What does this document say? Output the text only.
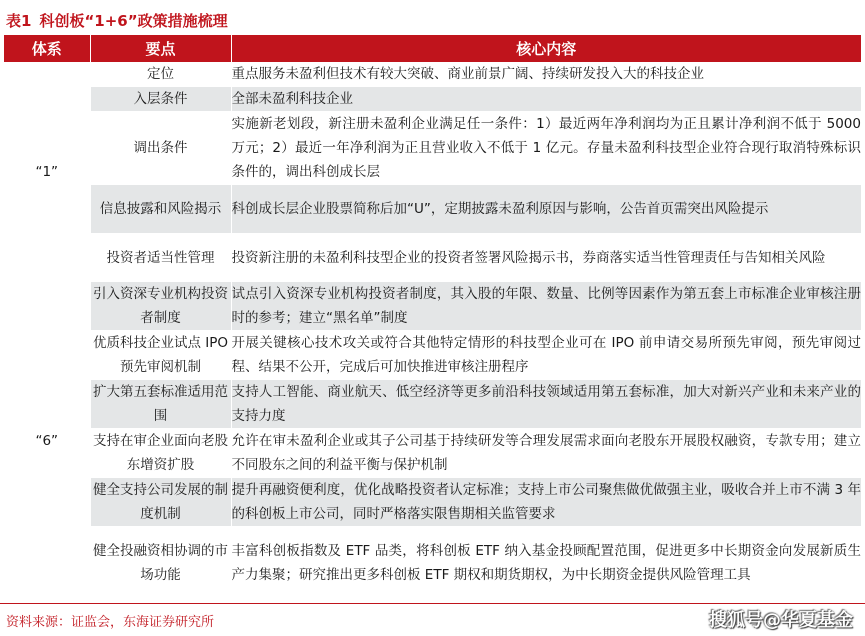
表1 科创板“1+6”政策措施梳理
体系	要点	核心内容
“1”	定位	重点服务未盈利但技术有较大突破、商业前景广阔、持续研发投入大的科技企业
	入层条件	全部未盈利科技企业
	调出条件	实施新老划段，新注册未盈利企业满足任一条件：1）最近两年净利润均为正且累计净利润不低于 5000 万元；2）最近一年净利润为正且营业收入不低于 1 亿元。存量未盈利科技型企业符合现行取消特殊标识条件的，调出科创成长层
	信息披露和风险揭示	科创成长层企业股票简称后加“U”，定期披露未盈利原因与影响，公告首页需突出风险提示
	投资者适当性管理	投资新注册的未盈利科技型企业的投资者签署风险揭示书，券商落实适当性管理责任与告知相关风险
“6”	引入资深专业机构投资者制度	试点引入资深专业机构投资者制度，其入股的年限、数量、比例等因素作为第五套上市标准企业审核注册时的参考；建立“黑名单”制度
	优质科技企业试点 IPO 预先审阅机制	开展关键核心技术攻关或符合其他特定情形的科技型企业可在 IPO 前申请交易所预先审阅，预先审阅过程、结果不公开，完成后可加快推进审核注册程序
	扩大第五套标准适用范围	支持人工智能、商业航天、低空经济等更多前沿科技领域适用第五套标准，加大对新兴产业和未来产业的支持力度
	支持在审企业面向老股东增资扩股	允许在审未盈利企业或其子公司基于持续研发等合理发展需求面向老股东开展股权融资，专款专用；建立不同股东之间的利益平衡与保护机制
	健全支持公司发展的制度机制	提升再融资便利度，优化战略投资者认定标准；支持上市公司聚焦做优做强主业，吸收合并上市不满 3 年的科创板上市公司，同时严格落实限售期相关监管要求
	健全投融资相协调的市场功能	丰富科创板指数及 ETF 品类，将科创板 ETF 纳入基金投顾配置范围，促进更多中长期资金向发展新质生产力集聚；研究推出更多科创板 ETF 期权和期货期权，为中长期资金提供风险管理工具
资料来源：证监会，东海证券研究所	搜狐号@华夏基金
